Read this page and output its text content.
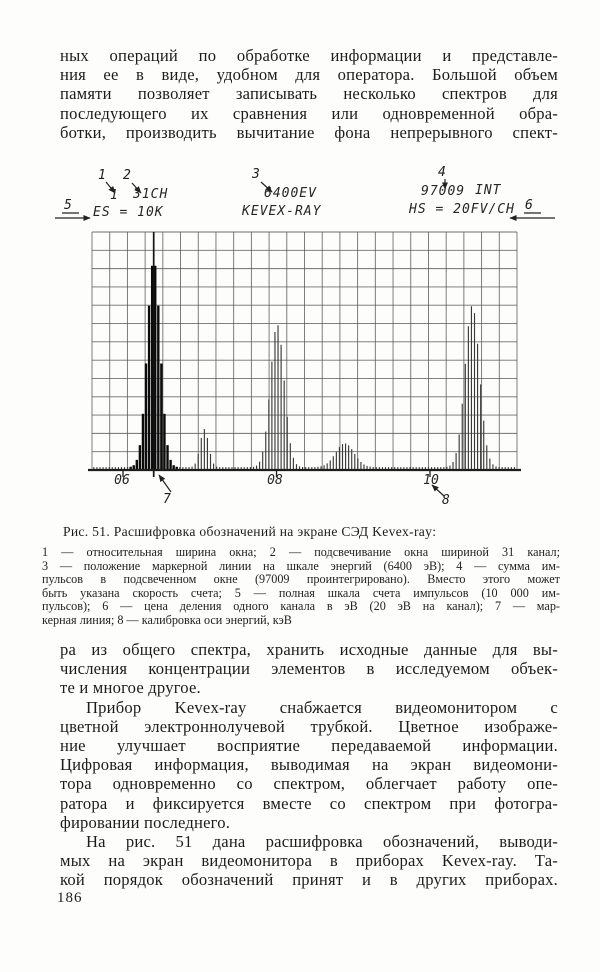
ных операций по обработке информации и представле-
ния ее в виде, удобном для оператора. Большой объем
памяти позволяет записывать несколько спектров для
последующего их сравнения или одновременной обра-
ботки, производить вычитание фона непрерывного спект-
1 31CH
ES = 10K
6400EV
KEVEX-RAY
97009 INT
HS = 20FV/CH
1 2	3	4
5	6
7	8
06	08	10
Рис. 51. Расшифровка обозначений на экране СЭД Kevex-ray:
1 — относительная ширина окна; 2 — подсвечивание окна шириной 31 канал;
3 — положение маркерной линии на шкале энергий (6400 эВ); 4 — сумма им-
пульсов в подсвеченном окне (97009 проинтегрировано). Вместо этого может
быть указана скорость счета; 5 — полная шкала счета импульсов (10 000 им-
пульсов); 6 — цена деления одного канала в эВ (20 эВ на канал); 7 — мар-
керная линия; 8 — калибровка оси энергий, кэВ
ра из общего спектра, хранить исходные данные для вы-
числения концентрации элементов в исследуемом объек-
те и многое другое.
Прибор Kevex-ray снабжается видеомонитором с
цветной электроннолучевой трубкой. Цветное изображе-
ние улучшает восприятие передаваемой информации.
Цифровая информация, выводимая на экран видеомони-
тора одновременно со спектром, облегчает работу опе-
ратора и фиксируется вместе со спектром при фотогра-
фировании последнего.
На рис. 51 дана расшифровка обозначений, выводи-
мых на экран видеомонитора в приборах Kevex-ray. Та-
кой порядок обозначений принят и в других приборах.
186
